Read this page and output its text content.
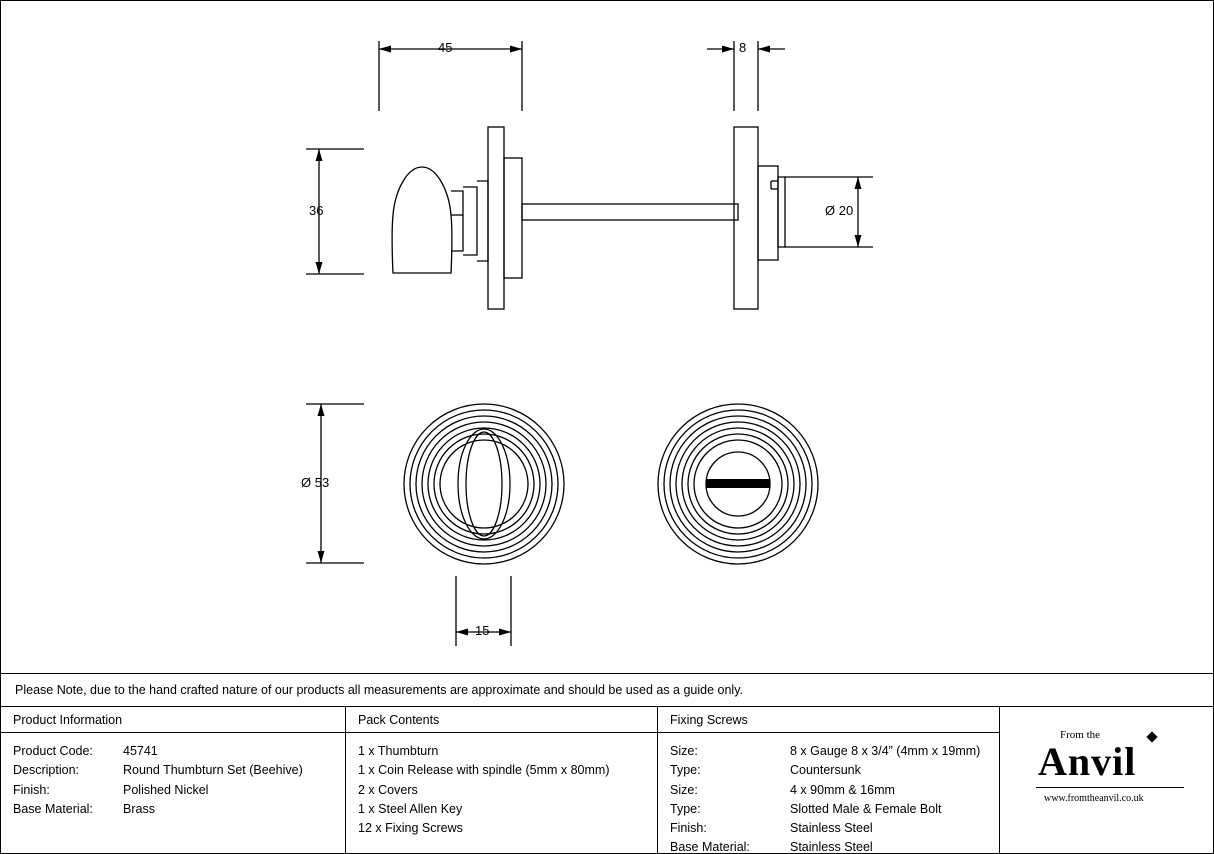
45	8
36	Ø 20
Ø 53
15
Please Note, due to the hand crafted nature of our products all measurements are approximate and should be used as a guide only.
Product Information
Product Code:	45741
Description:	Round Thumbturn Set (Beehive)
Finish:	Polished Nickel
Base Material:	Brass
Pack Contents
1 x Thumbturn
1 x Coin Release with spindle (5mm x 80mm)
2 x Covers
1 x Steel Allen Key
12 x Fixing Screws
Fixing Screws
Size:	8 x Gauge 8 x 3/4” (4mm x 19mm)
Type:	Countersunk
Size:	4 x 90mm & 16mm
Type:	Slotted Male & Female Bolt
Finish:	Stainless Steel
Base Material:	Stainless Steel
From the
Anvil
www.fromtheanvil.co.uk
